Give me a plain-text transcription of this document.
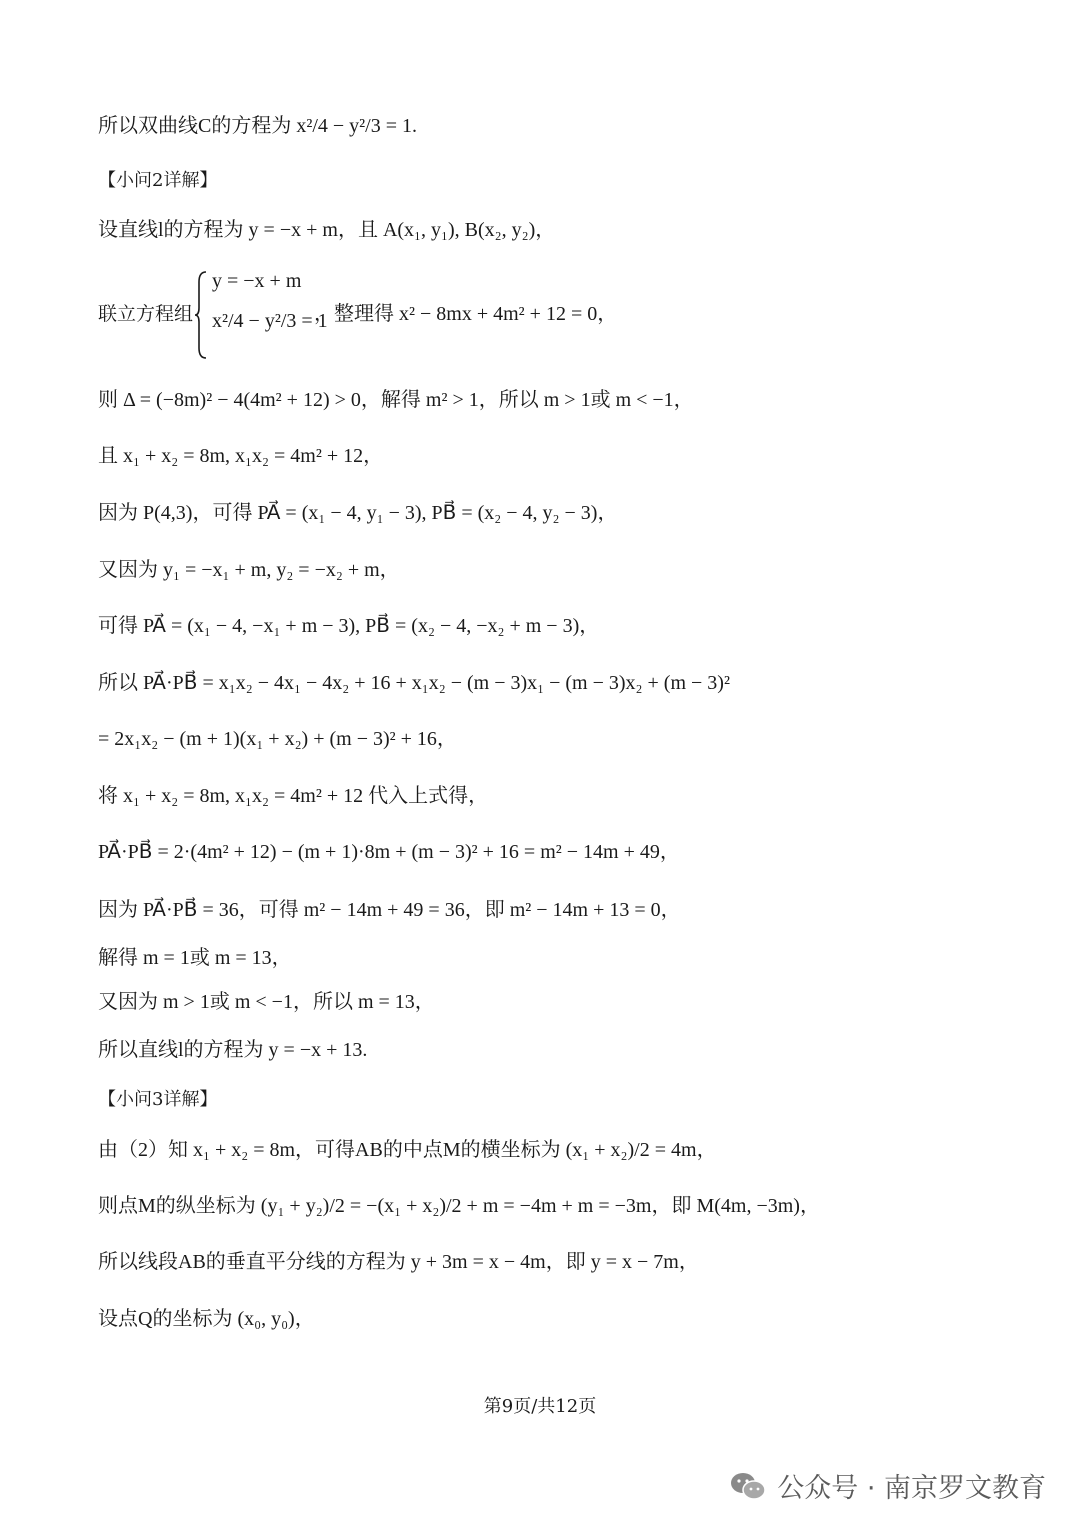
所以双曲线C的方程为 x²/4 − y²/3 = 1.
【小问2详解】
设直线l的方程为 y = −x + m，且 A(x₁, y₁), B(x₂, y₂)，
联立方程组
y = −x + m
x²/4 − y²/3 = 1
，整理得 x² − 8mx + 4m² + 12 = 0，
则 Δ = (−8m)² − 4(4m² + 12) > 0，解得 m² > 1，所以 m > 1或 m < −1，
且 x₁ + x₂ = 8m, x₁x₂ = 4m² + 12，
因为 P(4,3)，可得 PA⃗ = (x₁ − 4, y₁ − 3), PB⃗ = (x₂ − 4, y₂ − 3)，
又因为 y₁ = −x₁ + m, y₂ = −x₂ + m，
可得 PA⃗ = (x₁ − 4, −x₁ + m − 3), PB⃗ = (x₂ − 4, −x₂ + m − 3)，
所以 PA⃗·PB⃗ = x₁x₂ − 4x₁ − 4x₂ + 16 + x₁x₂ − (m − 3)x₁ − (m − 3)x₂ + (m − 3)²
= 2x₁x₂ − (m + 1)(x₁ + x₂) + (m − 3)² + 16，
将 x₁ + x₂ = 8m, x₁x₂ = 4m² + 12 代入上式得，
PA⃗·PB⃗ = 2·(4m² + 12) − (m + 1)·8m + (m − 3)² + 16 = m² − 14m + 49，
因为 PA⃗·PB⃗ = 36，可得 m² − 14m + 49 = 36，即 m² − 14m + 13 = 0，
解得 m = 1或 m = 13，
又因为 m > 1或 m < −1，所以 m = 13，
所以直线l的方程为 y = −x + 13.
【小问3详解】
由（2）知 x₁ + x₂ = 8m，可得AB的中点M的横坐标为 (x₁ + x₂)/2 = 4m，
则点M的纵坐标为 (y₁ + y₂)/2 = −(x₁ + x₂)/2 + m = −4m + m = −3m，即 M(4m, −3m)，
所以线段AB的垂直平分线的方程为 y + 3m = x − 4m，即 y = x − 7m，
设点Q的坐标为 (x₀, y₀)，
第9页/共12页
公众号 · 南京罗文教育
